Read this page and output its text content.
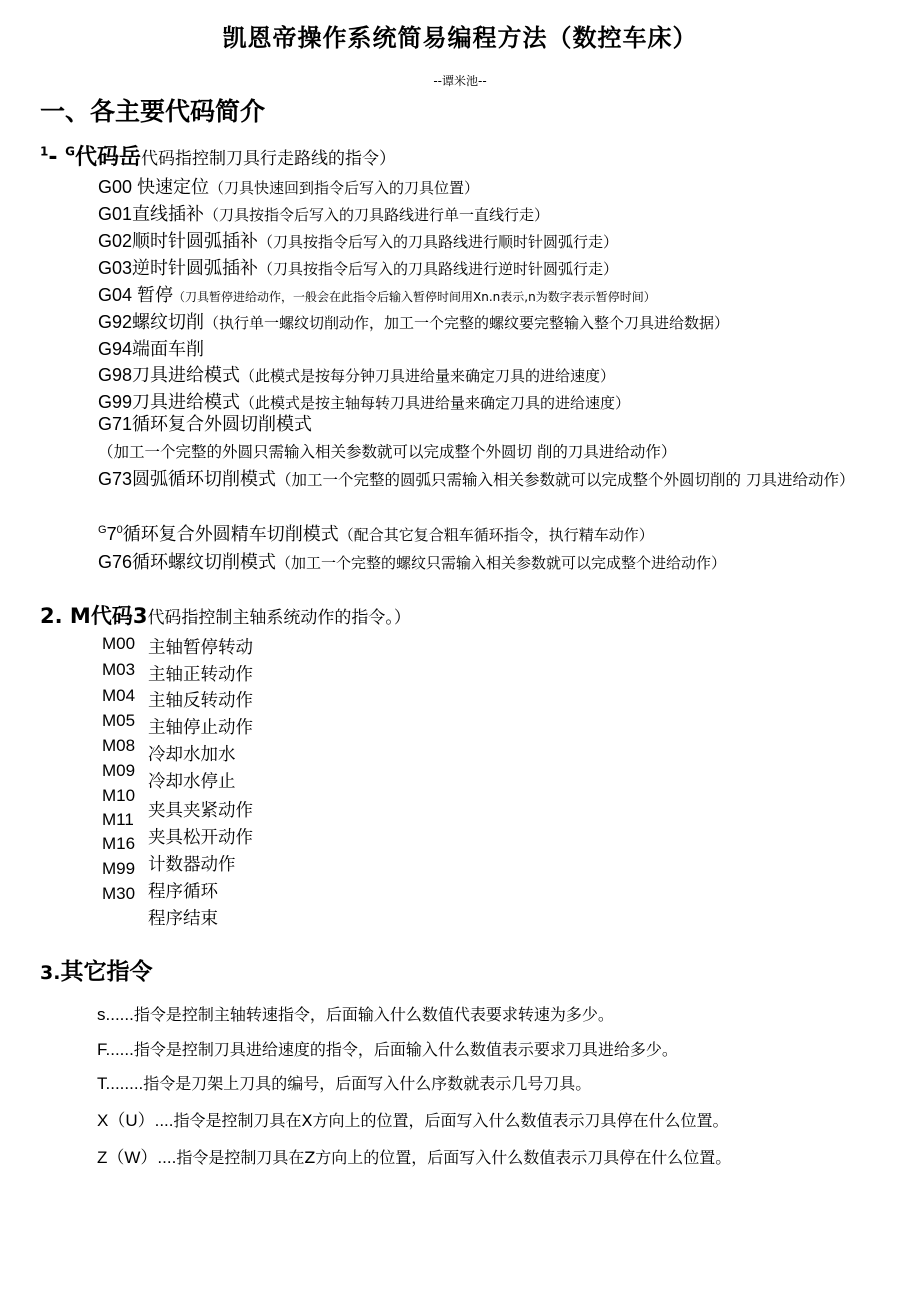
凯恩帝操作系统简易编程方法（数控车床）
--谭米池--
一、各主要代码简介
$^1$- $^G$代码岳代码指控制刀具行走路线的指令）
G00 快速定位（刀具快速回到指令后写入的刀具位置）
G01直线插补（刀具按指令后写入的刀具路线进行单一直线行走）
G02顺时针圆弧插补（刀具按指令后写入的刀具路线进行顺时针圆弧行走）
G03逆时针圆弧插补（刀具按指令后写入的刀具路线进行逆时针圆弧行走）
G04 暂停（刀具暂停进给动作，一般会在此指令后输入暂停时间用Xn.n表示,n为数字表示暂停时间）
G92螺纹切削（执行单一螺纹切削动作，加工一个完整的螺纹要完整输入整个刀具进给数据）
G94端面车削
G98刀具进给模式（此模式是按每分钟刀具进给量来确定刀具的进给速度）
G99刀具进给模式（此模式是按主轴每转刀具进给量来确定刀具的进给速度）
G71循环复合外圆切削模式（加工一个完整的外圆只需输入相关参数就可以完成整个外圆切 削的刀具进给动作）
G73圆弧循环切削模式（加工一个完整的圆弧只需输入相关参数就可以完成整个外圆切削的 刀具进给动作）
$^G7^0$循环复合外圆精车切削模式（配合其它复合粗车循环指令，执行精车动作）
G76循环螺纹切削模式（加工一个完整的螺纹只需输入相关参数就可以完成整个进给动作）
2. M代码3代码指控制主轴系统动作的指令。）
M00
M03
M04
M05
M08
M09
M10
M11
M16
M99
M30
主轴暂停转动
主轴正转动作
主轴反转动作
主轴停止动作
冷却水加水
冷却水停止
夹具夹紧动作
夹具松开动作
计数器动作
程序循环
程序结束
3.其它指令
s......指令是控制主轴转速指令，后面输入什么数值代表要求转速为多少。
F......指令是控制刀具进给速度的指令，后面输入什么数值表示要求刀具进给多少。
T........指令是刀架上刀具的编号，后面写入什么序数就表示几号刀具。
X（U）....指令是控制刀具在X方向上的位置，后面写入什么数值表示刀具停在什么位置。
Z（W）....指令是控制刀具在Z方向上的位置，后面写入什么数值表示刀具停在什么位置。
